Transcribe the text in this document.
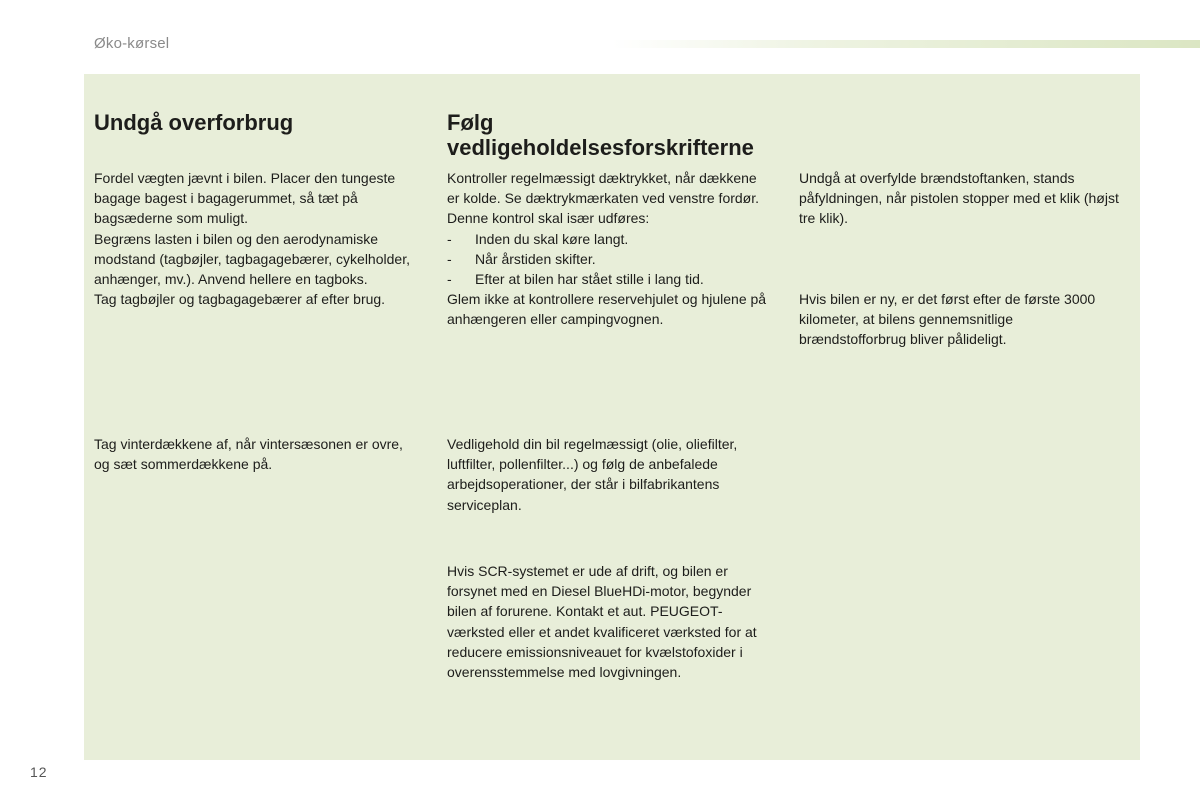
Øko-kørsel
Undgå overforbrug

Fordel vægten jævnt i bilen. Placer den tungeste bagage bagest i bagagerummet, så tæt på bagsæderne som muligt.

Begræns lasten i bilen og den aerodynamiske modstand (tagbøjler, tagbagagebærer, cykelholder, anhænger, mv.). Anvend hellere en tagboks.

Tag tagbøjler og tagbagagebærer af efter brug.

Tag vinterdækkene af, når vintersæsonen er ovre, og sæt sommerdækkene på.

Følg vedligeholdelsesforskrifterne

Kontroller regelmæssigt dæktrykket, når dækkene er kolde. Se dæktrykmærkaten ved venstre fordør.

Denne kontrol skal især udføres:

-	Inden du skal køre langt.
-	Når årstiden skifter.
-	Efter at bilen har stået stille i lang tid.

Glem ikke at kontrollere reservehjulet og hjulene på anhængeren eller campingvognen.

Vedligehold din bil regelmæssigt (olie, oliefilter, luftfilter, pollenfilter...) og følg de anbefalede arbejdsoperationer, der står i bilfabrikantens serviceplan.

Hvis SCR-systemet er ude af drift, og bilen er forsynet med en Diesel BlueHDi-motor, begynder bilen af forurene. Kontakt et aut. PEUGEOT-værksted eller et andet kvalificeret værksted for at reducere emissionsniveauet for kvælstofoxider i overensstemmelse med lovgivningen.

Undgå at overfylde brændstoftanken, stands påfyldningen, når pistolen stopper med et klik (højst tre klik).

Hvis bilen er ny, er det først efter de første 3000 kilometer, at bilens gennemsnitlige brændstofforbrug bliver pålideligt.

12
